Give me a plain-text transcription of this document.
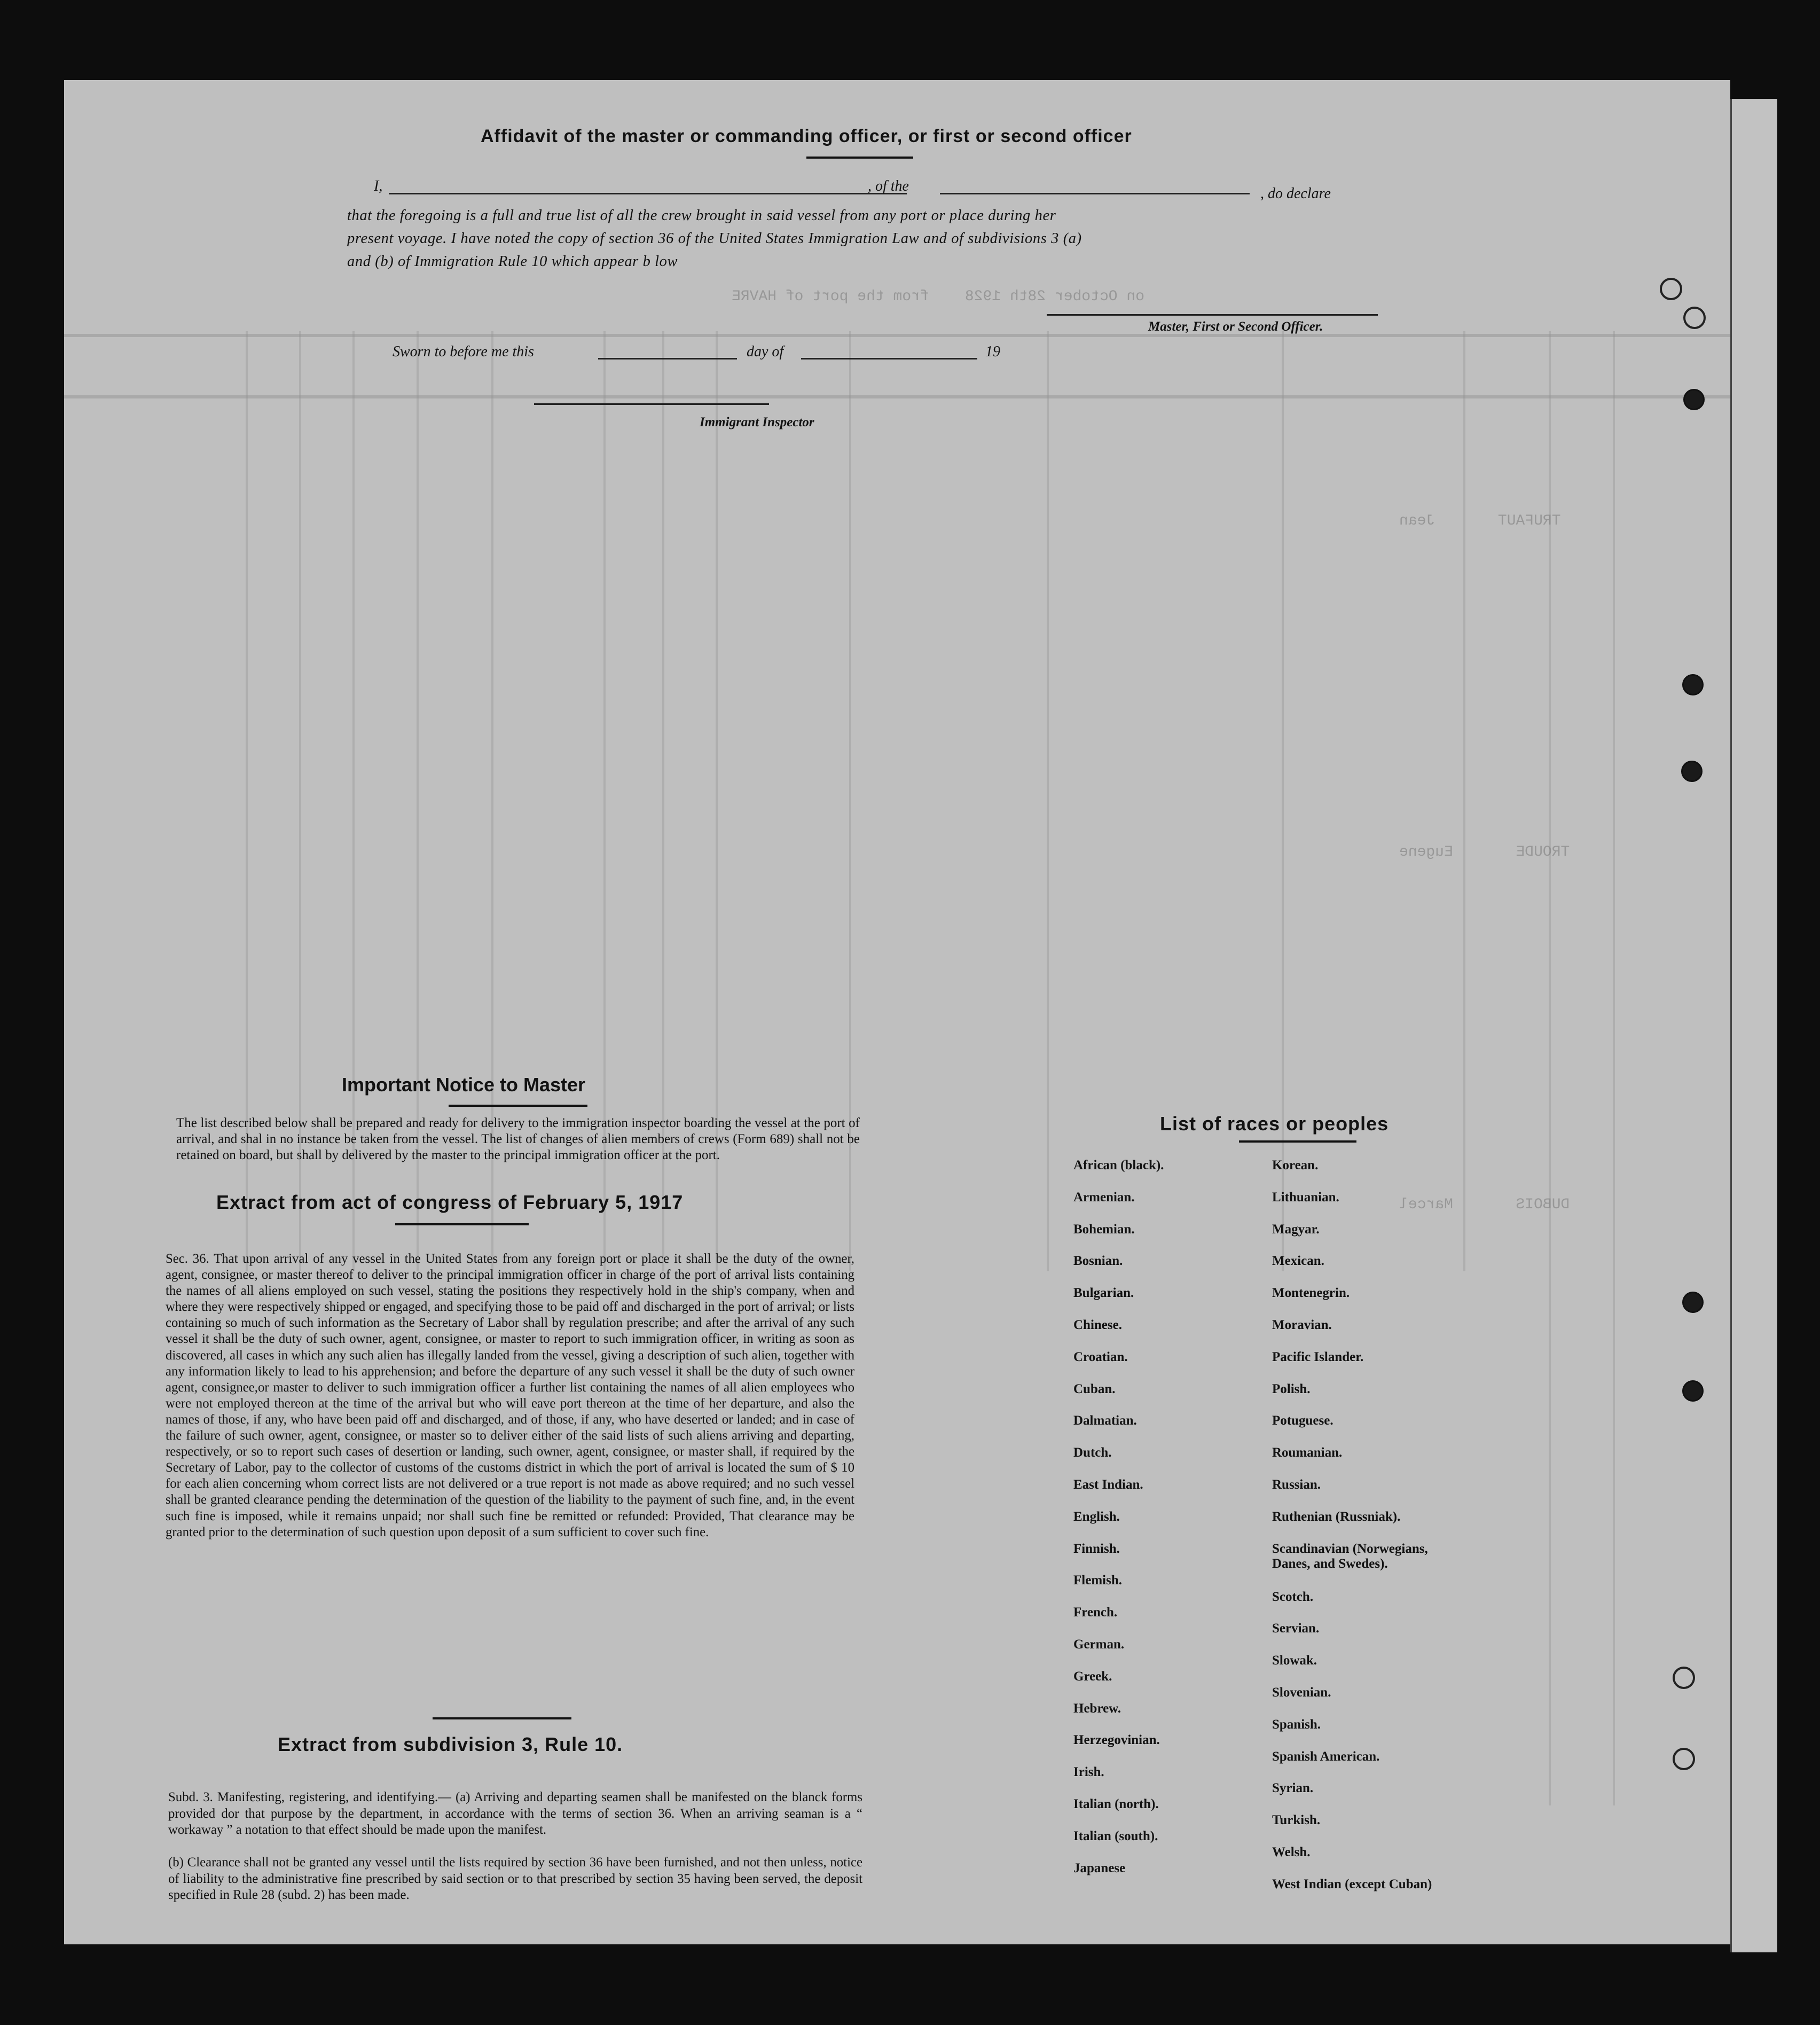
TRUFAUT       Jean
TROUDE       Eugene
DUBOIS       Marcel
on October 28th 1928    from the port of HAVRE
Affidavit of the master or commanding officer, or first or second officer
I,	, of the	, do declare
that the foregoing is a full and true list of all the crew brought in said vessel from any port or place during her
present voyage. I have noted the copy of section 36 of the United States Immigration Law and of subdivisions 3 (a)
and (b) of Immigration Rule 10 which appear b low
Master, First or Second Officer.
Sworn to before me this	day of	19
Immigrant Inspector
Important Notice to Master
The list described below shall be prepared and ready for delivery to the immigration inspector boarding the vessel at the port of arrival, and shal in no instance be taken from the vessel. The list of changes of alien members of crews (Form 689) shall not be retained on board, but shall by delivered by the master to the principal immigration officer at the port.
Extract from act of congress of February 5, 1917
Sec. 36. That upon arrival of any vessel in the United States from any foreign port or place it shall be the duty of the owner, agent, consignee, or master thereof to deliver to the principal immigration officer in charge of the port of arrival lists containing the names of all aliens employed on such vessel, stating the positions they respectively hold in the ship's company, when and where they were respectively shipped or engaged, and specifying those to be paid off and discharged in the port of arrival; or lists containing so much of such information as the Secretary of Labor shall by regulation prescribe; and after the arrival of any such vessel it shall be the duty of such owner, agent, consignee, or master to report to such immigration officer, in writing as soon as discovered, all cases in which any such alien has illegally landed from the vessel, giving a description of such alien, together with any information likely to lead to his apprehension; and before the departure of any such vessel it shall be the duty of such owner agent, consignee,or master to deliver to such immigration officer a further list containing the names of all alien employees who were not employed thereon at the time of the arrival but who will eave port thereon at the time of her departure, and also the names of those, if any, who have been paid off and discharged, and of those, if any, who have deserted or landed; and in case of the failure of such owner, agent, consignee, or master so to deliver either of the said lists of such aliens arriving and departing, respectively, or so to report such cases of desertion or landing, such owner, agent, consignee, or master shall, if required by the Secretary of Labor, pay to the collector of customs of the customs district in which the port of arrival is located the sum of $ 10 for each alien concerning whom correct lists are not delivered or a true report is not made as above required; and no such vessel shall be granted clearance pending the determination of the question of the liability to the payment of such fine, and, in the event such fine is imposed, while it remains unpaid; nor shall such fine be remitted or refunded: Provided, That clearance may be granted prior to the determination of such question upon deposit of a sum sufficient to cover such fine.
Extract from subdivision 3, Rule 10.
Subd. 3. Manifesting, registering, and identifying.— (a) Arriving and departing seamen shall be manifested on the blanck forms provided dor that purpose by the department, in accordance with the terms of section 36. When an arriving seaman is a “ workaway ” a notation to that effect should be made upon the manifest.
(b) Clearance shall not be granted any vessel until the lists required by section 36 have been furnished, and not then unless, notice of liability to the administrative fine prescribed by said section or to that prescribed by section 35 having been served, the deposit specified in Rule 28 (subd. 2) has been made.
List of races or peoples
African (black).
Armenian.
Bohemian.
Bosnian.
Bulgarian.
Chinese.
Croatian.
Cuban.
Dalmatian.
Dutch.
East Indian.
English.
Finnish.
Flemish.
French.
German.
Greek.
Hebrew.
Herzegovinian.
Irish.
Italian (north).
Italian (south).
Japanese
Korean.
Lithuanian.
Magyar.
Mexican.
Montenegrin.
Moravian.
Pacific Islander.
Polish.
Potuguese.
Roumanian.
Russian.
Ruthenian (Russniak).
Scandinavian (Norwegians, Danes, and Swedes).
Scotch.
Servian.
Slowak.
Slovenian.
Spanish.
Spanish American.
Syrian.
Turkish.
Welsh.
West Indian (except Cuban)
